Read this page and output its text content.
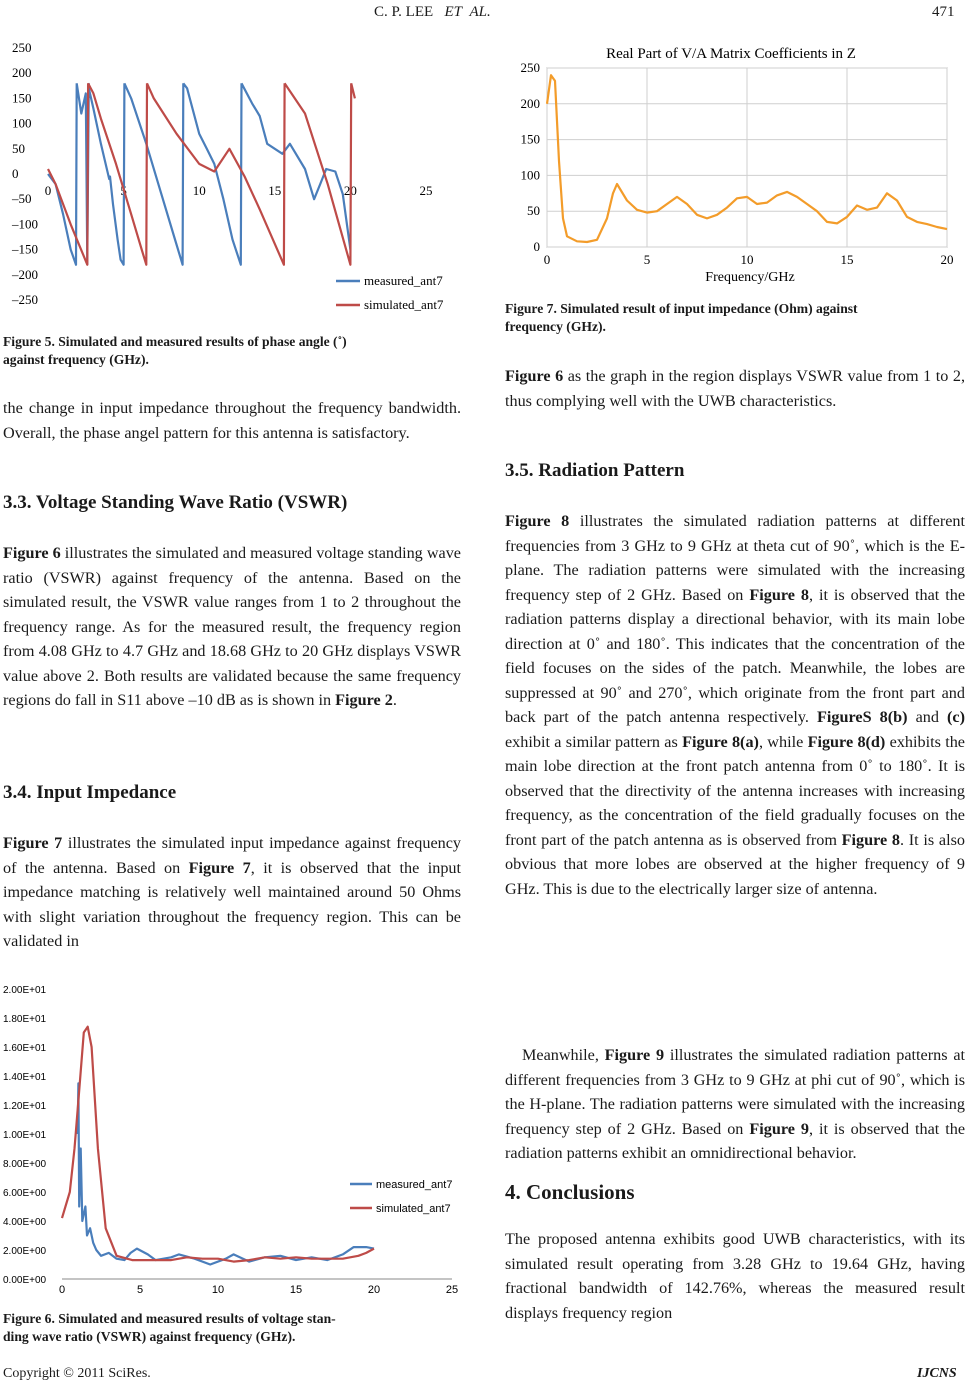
C. P. LEE ET AL.	471
250
200
150
100
50
0
–50
–100
–150
–200
–250
0	5	10	15	20	25
measured_ant7
simulated_ant7
Figure 5. Simulated and measured results of phase angle (˚)
against frequency (GHz).
the change in input impedance throughout the frequency bandwidth. Overall, the phase angel pattern for this antenna is satisfactory.
3.3. Voltage Standing Wave Ratio (VSWR)
Figure 6 illustrates the simulated and measured voltage standing wave ratio (VSWR) against frequency of the antenna. Based on the simulated result, the VSWR value ranges from 1 to 2 throughout the frequency range. As for the measured result, the frequency region from 4.08 GHz to 4.7 GHz and 18.68 GHz to 20 GHz displays VSWR value above 2. Both results are validated because the same frequency regions do fall in S11 above –10 dB as is shown in Figure 2.
3.4. Input Impedance
Figure 7 illustrates the simulated input impedance against frequency of the antenna. Based on Figure 7, it is observed that the input impedance matching is relatively well maintained around 50 Ohms with slight variation throughout the frequency region. This can be validated in
2.00E+01
1.80E+01
1.60E+01
1.40E+01
1.20E+01
1.00E+01
8.00E+00
6.00E+00
4.00E+00
2.00E+00
0.00E+00
0	5	10	15	20	25
measured_ant7
simulated_ant7
Figure 6. Simulated and measured results of voltage stan-
ding wave ratio (VSWR) against frequency (GHz).
Real Part of V/A Matrix Coefficients in Z
250
200
150
100
50
0
0	5	10	15	20
Frequency/GHz
Figure 7. Simulated result of input impedance (Ohm) against
frequency (GHz).
Figure 6 as the graph in the region displays VSWR value from 1 to 2, thus complying well with the UWB characteristics.
3.5. Radiation Pattern
Figure 8 illustrates the simulated radiation patterns at different frequencies from 3 GHz to 9 GHz at theta cut of 90˚, which is the E-plane. The radiation patterns were simulated with the increasing frequency step of 2 GHz. Based on Figure 8, it is observed that the radiation patterns display a directional behavior, with its main lobe direction at 0˚ and 180˚. This indicates that the concentration of the field focuses on the sides of the patch. Meanwhile, the lobes are suppressed at 90˚ and 270˚, which originate from the front part and back part of the patch antenna respectively. FigureS 8(b) and (c) exhibit a similar pattern as Figure 8(a), while Figure 8(d) exhibits the main lobe direction at the front patch antenna from 0˚ to 180˚. It is observed that the directivity of the antenna increases with increasing frequency, as the concentration of the field gradually focuses on the front part of the patch antenna as is observed from Figure 8. It is also obvious that more lobes are observed at the higher frequency of 9 GHz. This is due to the electrically larger size of antenna.
Meanwhile, Figure 9 illustrates the simulated radiation patterns at different frequencies from 3 GHz to 9 GHz at phi cut of 90˚, which is the H-plane. The radiation patterns were simulated with the increasing frequency step of 2 GHz. Based on Figure 9, it is observed that the radiation patterns exhibit an omnidirectional behavior.
4. Conclusions
The proposed antenna exhibits good UWB characteristics, with its simulated result operating from 3.28 GHz to 19.64 GHz, having fractional bandwidth of 142.76%, whereas the measured result displays frequency region
Copyright © 2011 SciRes.	IJCNS
